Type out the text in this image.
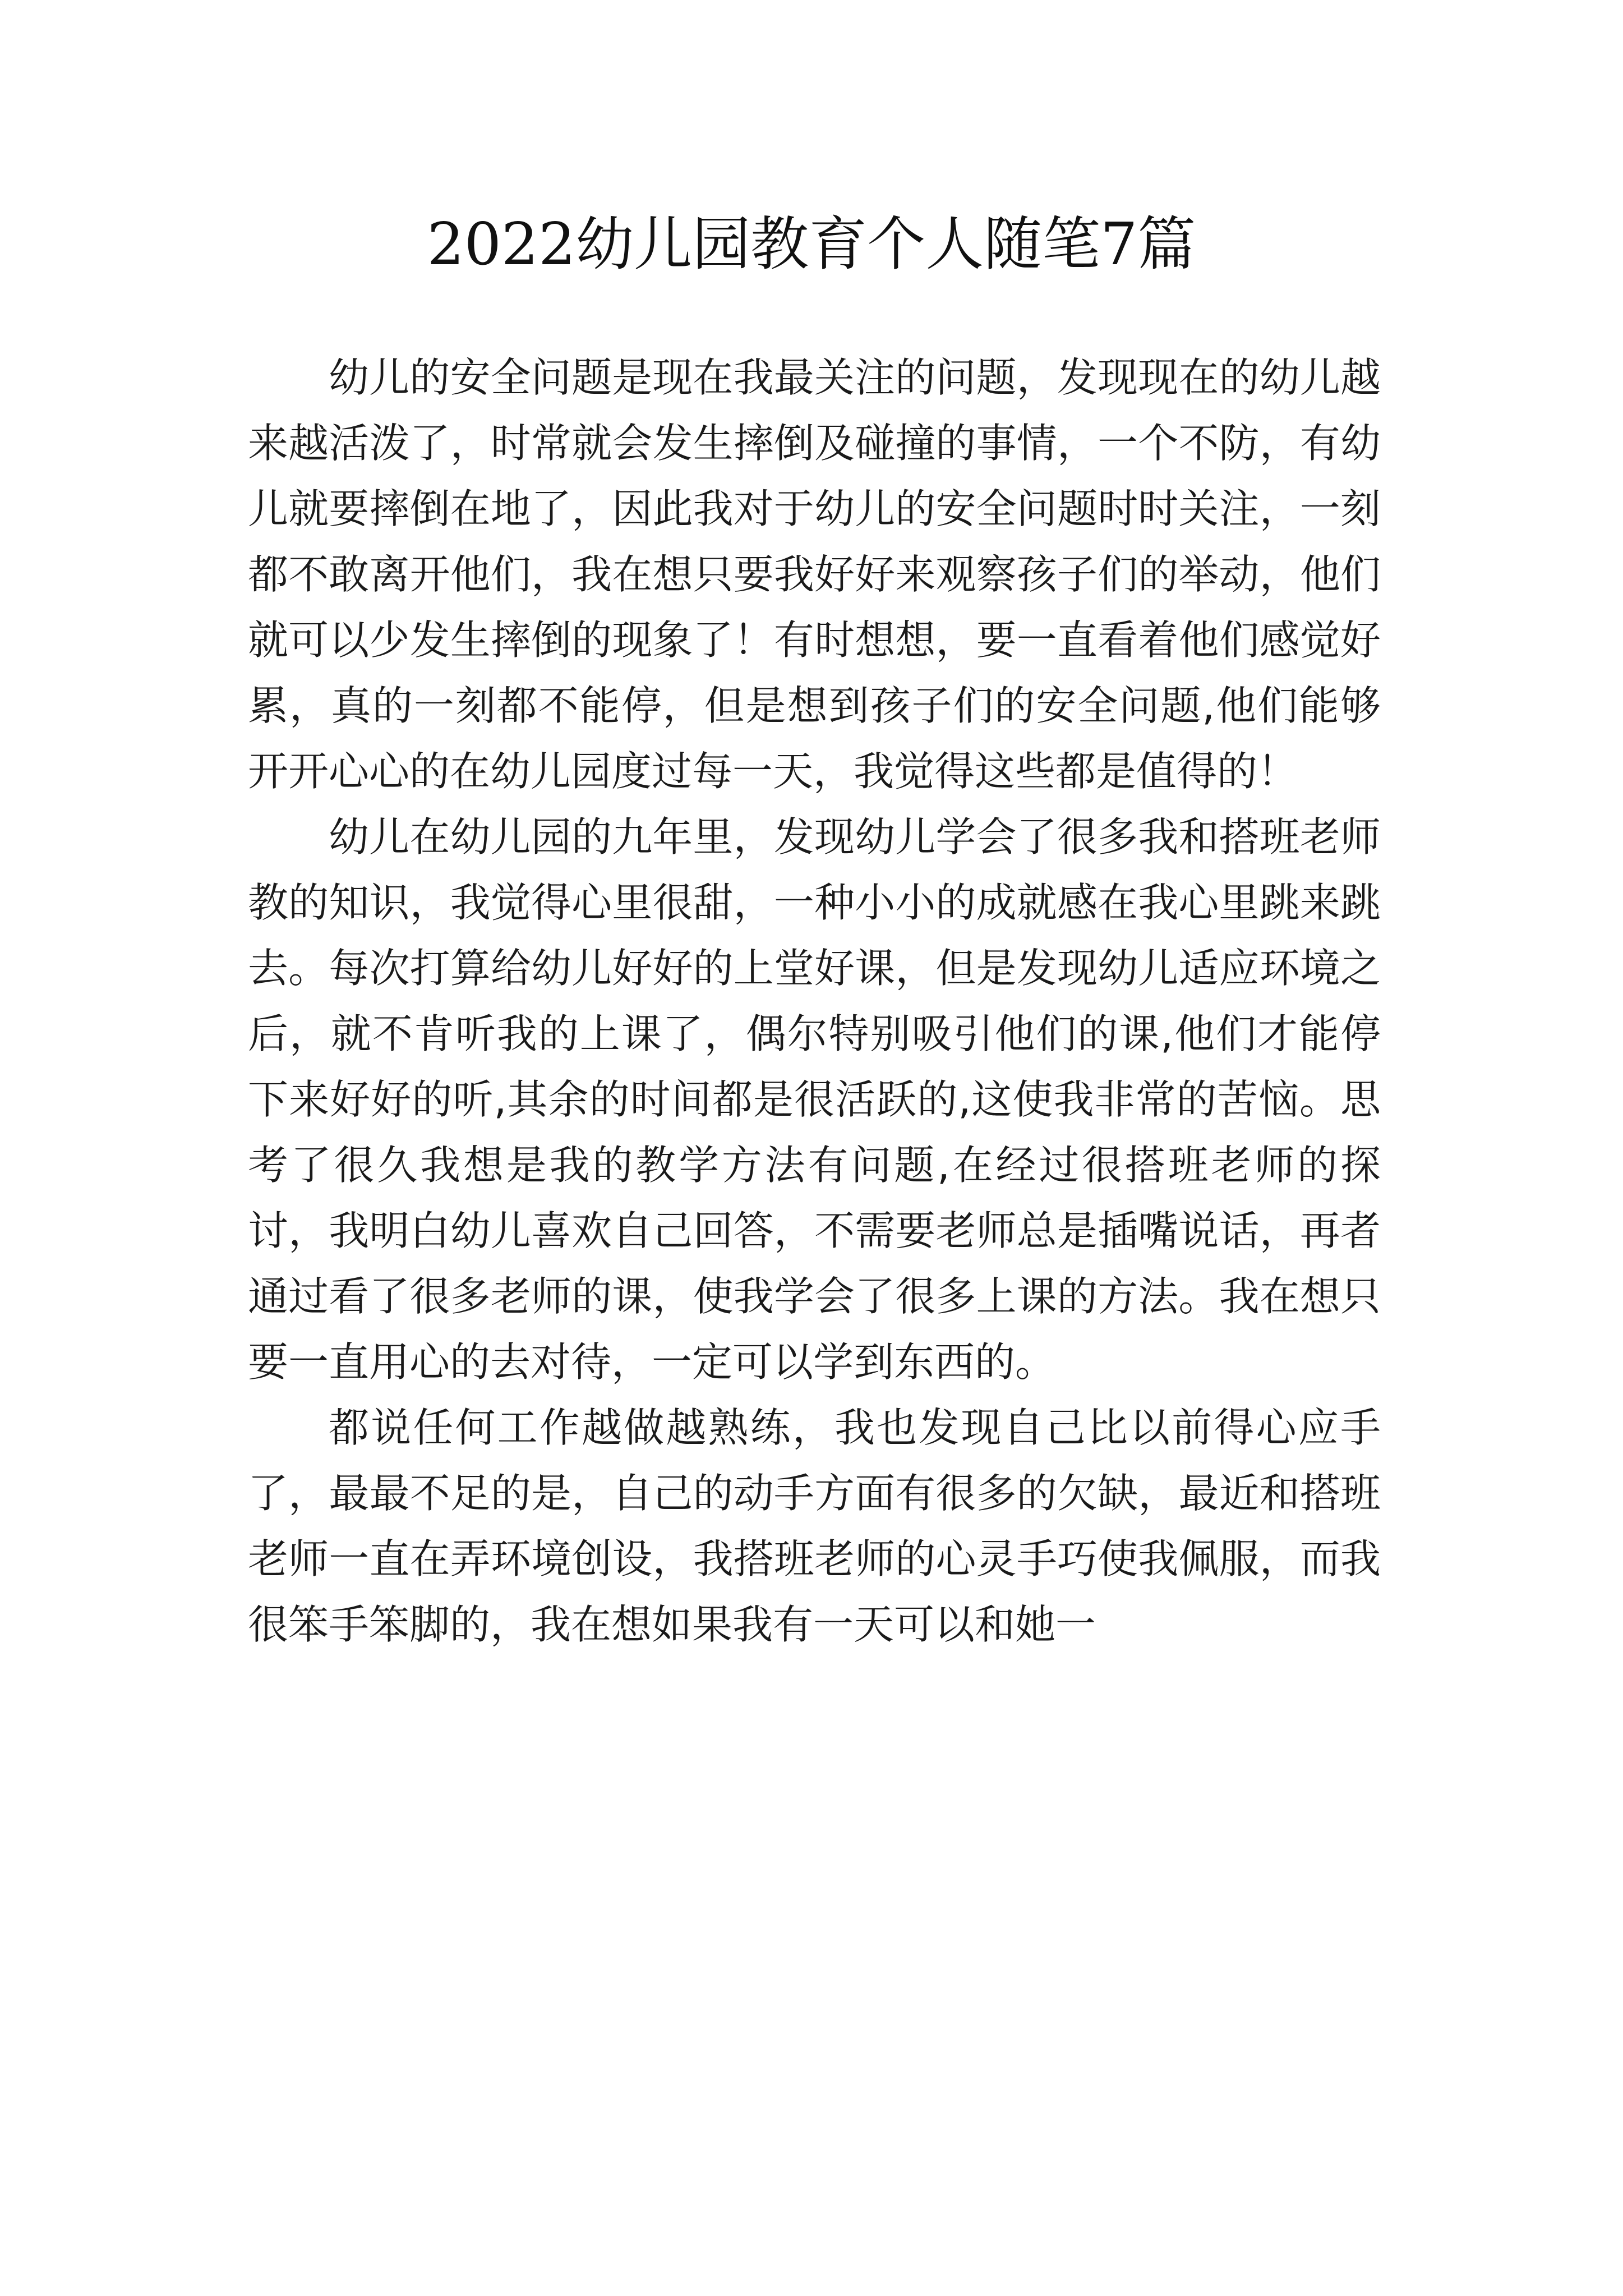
2022幼儿园教育个人随笔7篇

幼儿的安全问题是现在我最关注的问题，发现现在的幼儿越来越活泼了，时常就会发生摔倒及碰撞的事情，一个不防，有幼儿就要摔倒在地了，因此我对于幼儿的安全问题时时关注，一刻都不敢离开他们，我在想只要我好好来观察孩子们的举动，他们就可以少发生摔倒的现象了！有时想想，要一直看着他们感觉好累，真的一刻都不能停，但是想到孩子们的安全问题,他们能够开开心心的在幼儿园度过每一天，我觉得这些都是值得的！

幼儿在幼儿园的九年里，发现幼儿学会了很多我和搭班老师教的知识，我觉得心里很甜，一种小小的成就感在我心里跳来跳去。每次打算给幼儿好好的上堂好课，但是发现幼儿适应环境之后，就不肯听我的上课了，偶尔特别吸引他们的课,他们才能停下来好好的听,其余的时间都是很活跃的,这使我非常的苦恼。思考了很久我想是我的教学方法有问题,在经过很搭班老师的探讨，我明白幼儿喜欢自己回答，不需要老师总是插嘴说话，再者通过看了很多老师的课，使我学会了很多上课的方法。我在想只要一直用心的去对待，一定可以学到东西的。

都说任何工作越做越熟练，我也发现自己比以前得心应手了，最最不足的是，自己的动手方面有很多的欠缺，最近和搭班老师一直在弄环境创设，我搭班老师的心灵手巧使我佩服，而我很笨手笨脚的，我在想如果我有一天可以和她一
